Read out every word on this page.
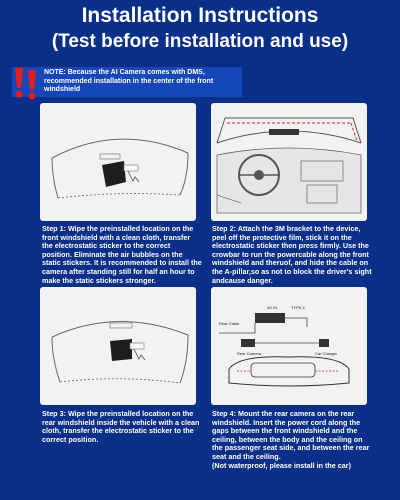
Installation Instructions
(Test before installation and use)
NOTE: Because the AI Camera comes with DMS, recommended installation in the center of the front windshield
Step 1: Wipe the preinstalled location on the front windshield with a clean cloth, transfer the electrostatic sticker to the correct position. Eliminate the air bubbles on the static stickers. It is recommended to install the camera after standing still for half an hour to make the static stickers stronger.
Step 2: Attach the 3M bracket to the device, peel off the protective film, stick it on the electrostatic sticker then press firmly. Use the crowbar to run the powercable along the front windshield and theruof, and hide the cable on the A-pillar,so as not to block the driver's sight andcause danger.
AV IN	TYPE-C
Rear Cable
Rear Camera	Car Charger
Step 3: Wipe the preinstalled location on the rear windshield inside the vehicle with a clean cloth, transfer the electrostatic sticker to the correct position.
Step 4: Mount the rear camera on the rear windshield. Insert the power cord along the gaps between the front windshield and the ceiling, between the body and the ceiling on the passenger seat side, and between the rear seat and the ceiling.
(Not waterproof, please install in the car)
